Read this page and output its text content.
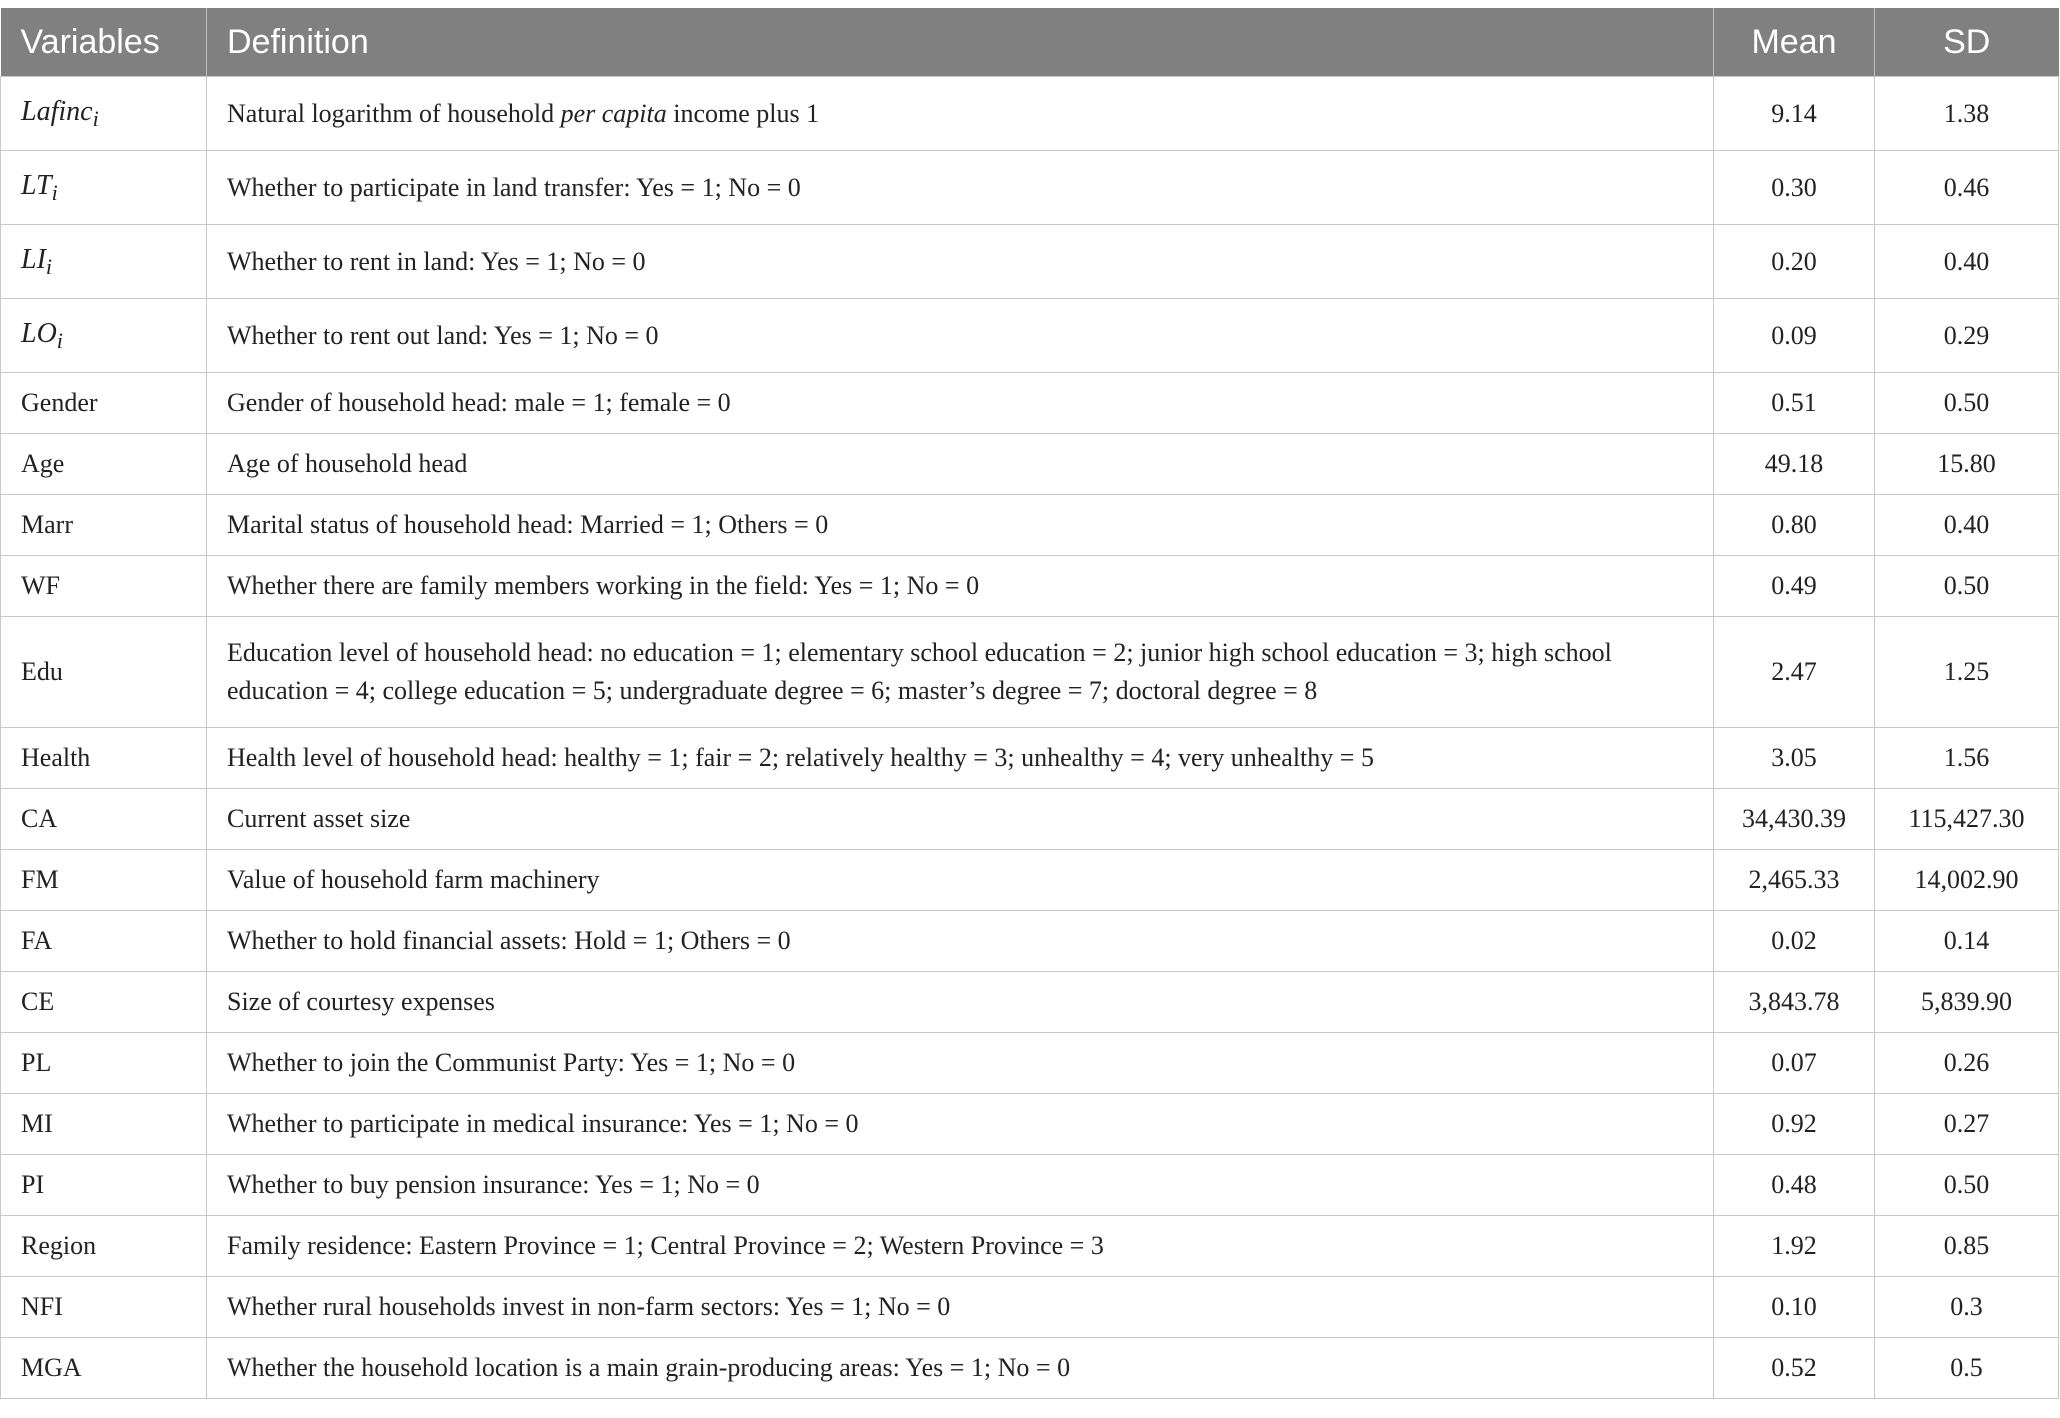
Variables	Definition	Mean	SD
Lafinc$_i$	Natural logarithm of household per capita income plus 1	9.14	1.38
$LT_i$	Whether to participate in land transfer: Yes = 1; No = 0	0.30	0.46
$LI_i$	Whether to rent in land: Yes = 1; No = 0	0.20	0.40
$LO_i$	Whether to rent out land: Yes = 1; No = 0	0.09	0.29
Gender	Gender of household head: male = 1; female = 0	0.51	0.50
Age	Age of household head	49.18	15.80
Marr	Marital status of household head: Married = 1; Others = 0	0.80	0.40
WF	Whether there are family members working in the field: Yes = 1; No = 0	0.49	0.50
Edu	Education level of household head: no education = 1; elementary school education = 2; junior high school education = 3; high school education = 4; college education = 5; undergraduate degree = 6; master’s degree = 7; doctoral degree = 8	2.47	1.25
Health	Health level of household head: healthy = 1; fair = 2; relatively healthy = 3; unhealthy = 4; very unhealthy = 5	3.05	1.56
CA	Current asset size	34,430.39	115,427.30
FM	Value of household farm machinery	2,465.33	14,002.90
FA	Whether to hold financial assets: Hold = 1; Others = 0	0.02	0.14
CE	Size of courtesy expenses	3,843.78	5,839.90
PL	Whether to join the Communist Party: Yes = 1; No = 0	0.07	0.26
MI	Whether to participate in medical insurance: Yes = 1; No = 0	0.92	0.27
PI	Whether to buy pension insurance: Yes = 1; No = 0	0.48	0.50
Region	Family residence: Eastern Province = 1; Central Province = 2; Western Province = 3	1.92	0.85
NFI	Whether rural households invest in non-farm sectors: Yes = 1; No = 0	0.10	0.3
MGA	Whether the household location is a main grain-producing areas: Yes = 1; No = 0	0.52	0.5
